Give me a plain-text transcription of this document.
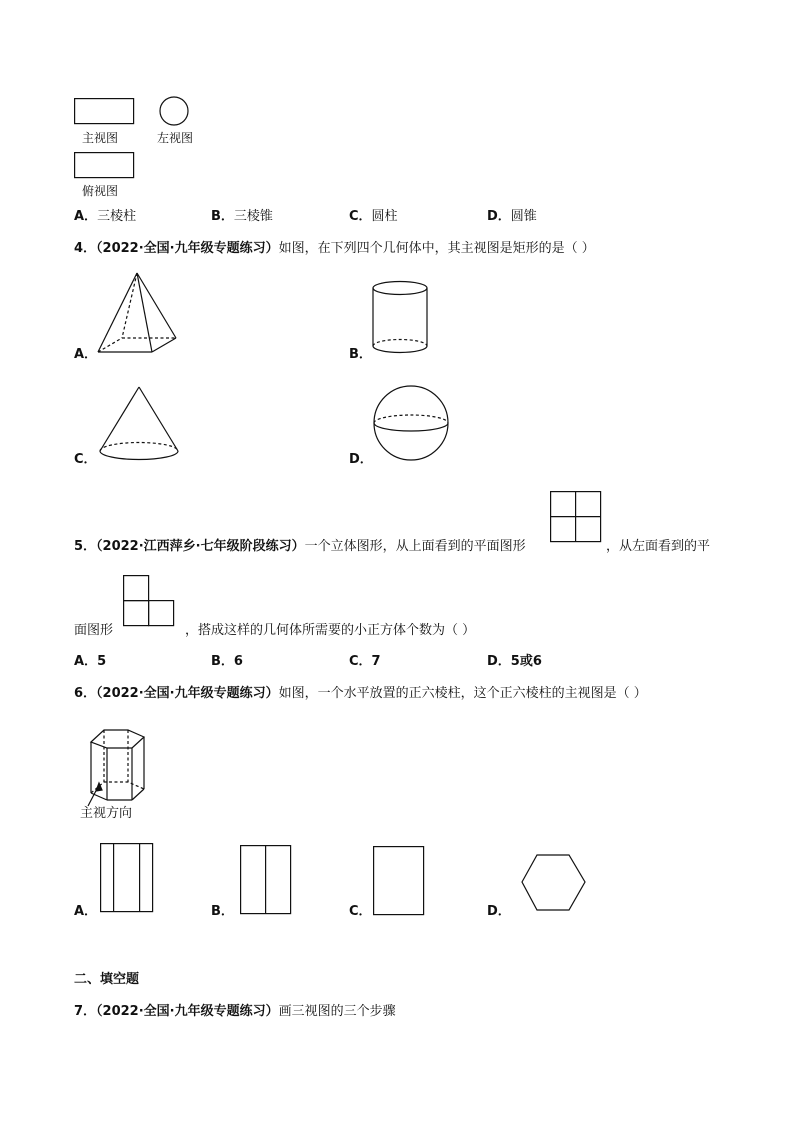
主视图	左视图
俯视图
A．三棱柱	B．三棱锥	C．圆柱	D．圆锥
4．（2022·全国·九年级专题练习）如图，在下列四个几何体中，其主视图是矩形的是（ ）
A．	B．
C．	D．
5．（2022·江西萍乡·七年级阶段练习）一个立体图形，从上面看到的平面图形	，从左面看到的平
面图形	，搭成这样的几何体所需要的小正方体个数为（ ）
A．5	B．6	C．7	D．5或6
6．（2022·全国·九年级专题练习）如图，一个水平放置的正六棱柱，这个正六棱柱的主视图是（ ）
主视方向
A．	B．	C．	D．
二、填空题
7．（2022·全国·九年级专题练习）画三视图的三个步骤
